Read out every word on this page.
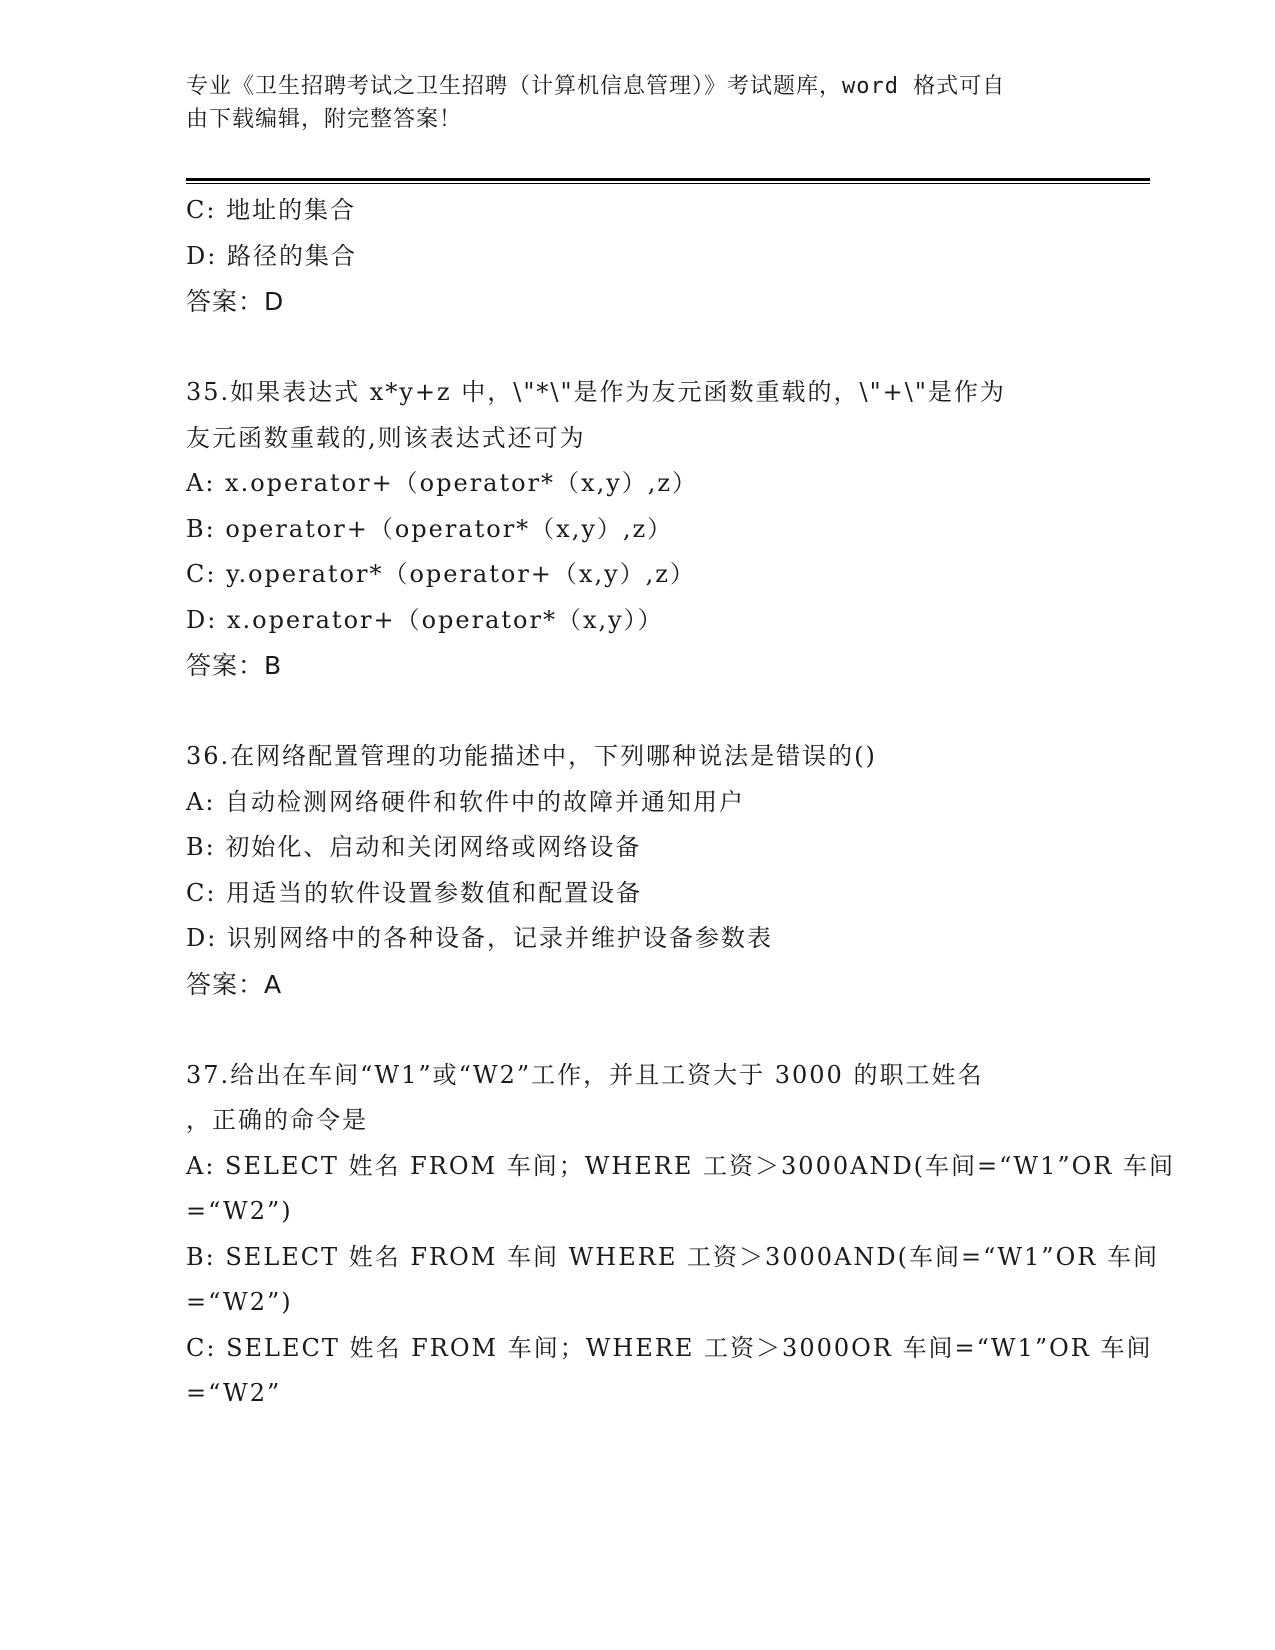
专业《卫生招聘考试之卫生招聘（计算机信息管理）》考试题库，word 格式可自
由下载编辑，附完整答案！
C: 地址的集合
D: 路径的集合
答案：D
35.如果表达式 x*y+z 中，\"*\"是作为友元函数重载的，\"+\"是作为
友元函数重载的,则该表达式还可为
A: x.operator+（operator*（x,y）,z）
B: operator+（operator*（x,y）,z）
C: y.operator*（operator+（x,y）,z）
D: x.operator+（operator*（x,y））
答案：B
36.在网络配置管理的功能描述中，下列哪种说法是错误的()
A: 自动检测网络硬件和软件中的故障并通知用户
B: 初始化、启动和关闭网络或网络设备
C: 用适当的软件设置参数值和配置设备
D: 识别网络中的各种设备，记录并维护设备参数表
答案：A
37.给出在车间“W1”或“W2”工作，并且工资大于 3000 的职工姓名
，正确的命令是
A: SELECT 姓名 FROM 车间；WHERE 工资＞3000AND(车间=“W1”OR 车间
=“W2”)
B: SELECT 姓名 FROM 车间 WHERE 工资＞3000AND(车间=“W1”OR 车间
=“W2”)
C: SELECT 姓名 FROM 车间；WHERE 工资＞3000OR 车间=“W1”OR 车间
=“W2”
